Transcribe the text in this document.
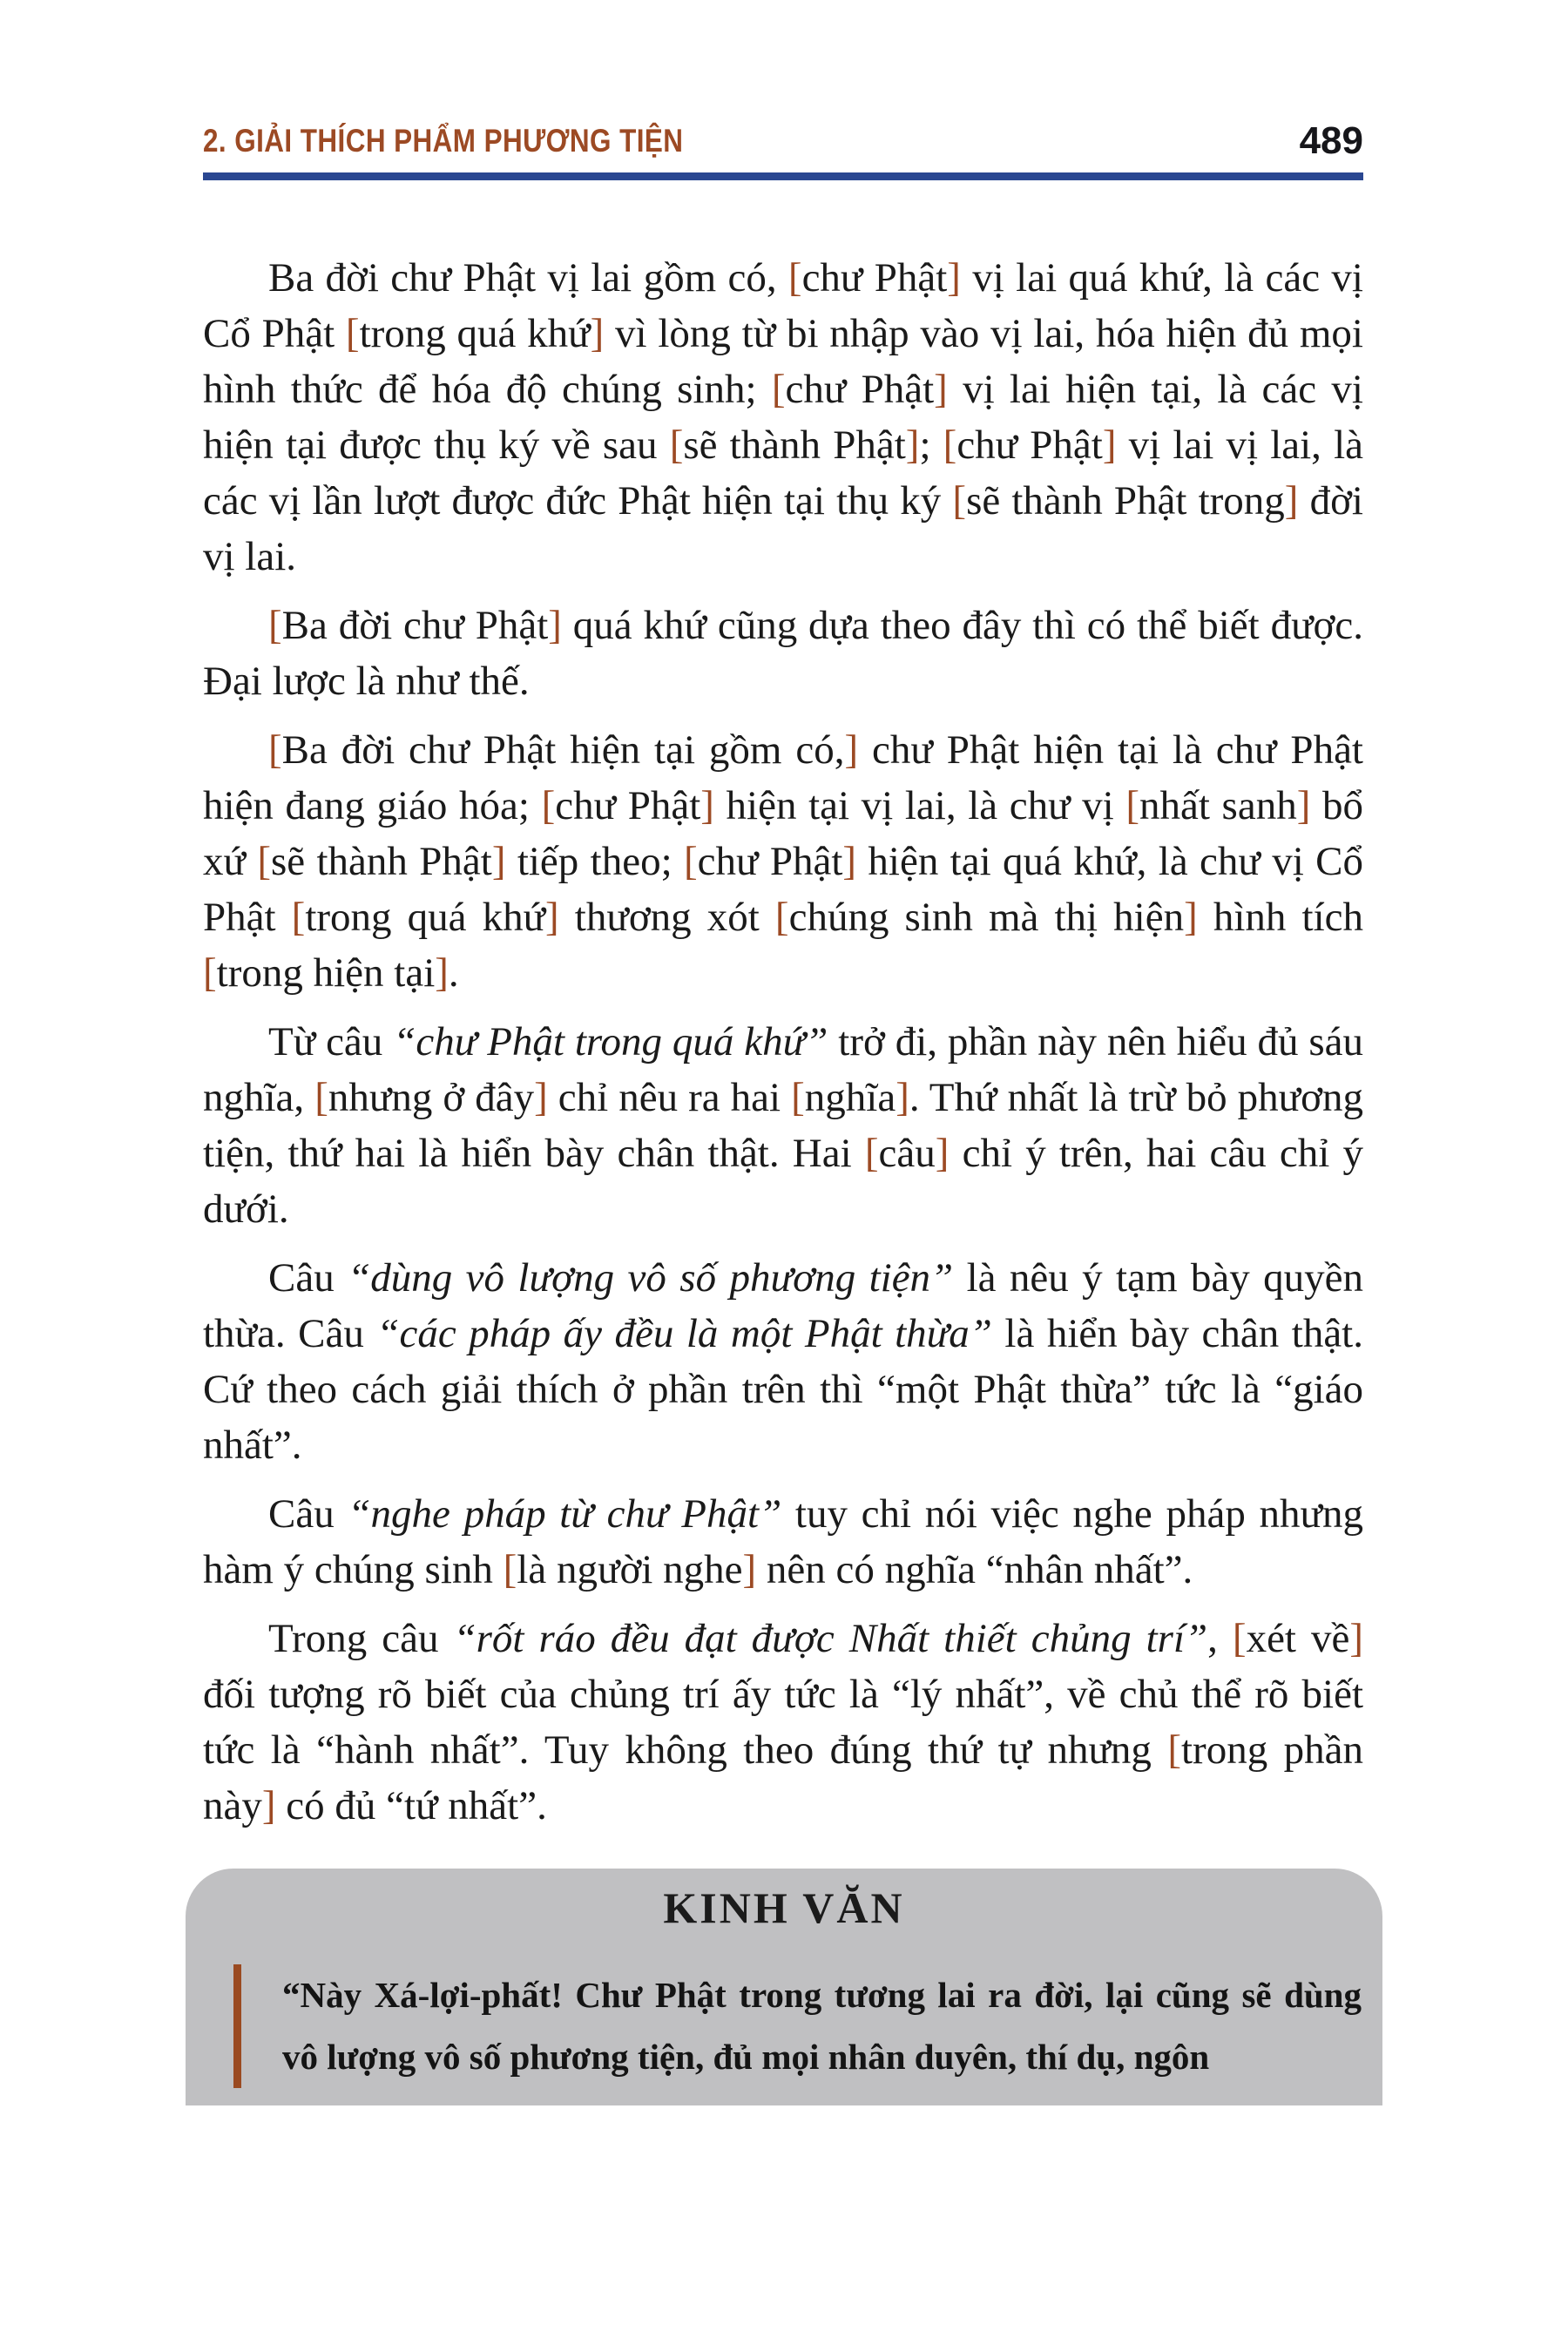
2. GIẢI THÍCH PHẨM PHƯƠNG TIỆN	489

Ba đời chư Phật vị lai gồm có, [chư Phật] vị lai quá khứ, là các vị Cổ Phật [trong quá khứ] vì lòng từ bi nhập vào vị lai, hóa hiện đủ mọi hình thức để hóa độ chúng sinh; [chư Phật] vị lai hiện tại, là các vị hiện tại được thụ ký về sau [sẽ thành Phật]; [chư Phật] vị lai vị lai, là các vị lần lượt được đức Phật hiện tại thụ ký [sẽ thành Phật trong] đời vị lai.

[Ba đời chư Phật] quá khứ cũng dựa theo đây thì có thể biết được. Đại lược là như thế.

[Ba đời chư Phật hiện tại gồm có,] chư Phật hiện tại là chư Phật hiện đang giáo hóa; [chư Phật] hiện tại vị lai, là chư vị [nhất sanh] bổ xứ [sẽ thành Phật] tiếp theo; [chư Phật] hiện tại quá khứ, là chư vị Cổ Phật [trong quá khứ] thương xót [chúng sinh mà thị hiện] hình tích [trong hiện tại].

Từ câu “chư Phật trong quá khứ” trở đi, phần này nên hiểu đủ sáu nghĩa, [nhưng ở đây] chỉ nêu ra hai [nghĩa]. Thứ nhất là trừ bỏ phương tiện, thứ hai là hiển bày chân thật. Hai [câu] chỉ ý trên, hai câu chỉ ý dưới.

Câu “dùng vô lượng vô số phương tiện” là nêu ý tạm bày quyền thừa. Câu “các pháp ấy đều là một Phật thừa” là hiển bày chân thật. Cứ theo cách giải thích ở phần trên thì “một Phật thừa” tức là “giáo nhất”.

Câu “nghe pháp từ chư Phật” tuy chỉ nói việc nghe pháp nhưng hàm ý chúng sinh [là người nghe] nên có nghĩa “nhân nhất”.

Trong câu “rốt ráo đều đạt được Nhất thiết chủng trí”, [xét về] đối tượng rõ biết của chủng trí ấy tức là “lý nhất”, về chủ thể rõ biết tức là “hành nhất”. Tuy không theo đúng thứ tự nhưng [trong phần này] có đủ “tứ nhất”.

KINH VĂN
“Này Xá-lợi-phất! Chư Phật trong tương lai ra đời, lại cũng sẽ dùng vô lượng vô số phương tiện, đủ mọi nhân duyên, thí dụ, ngôn
